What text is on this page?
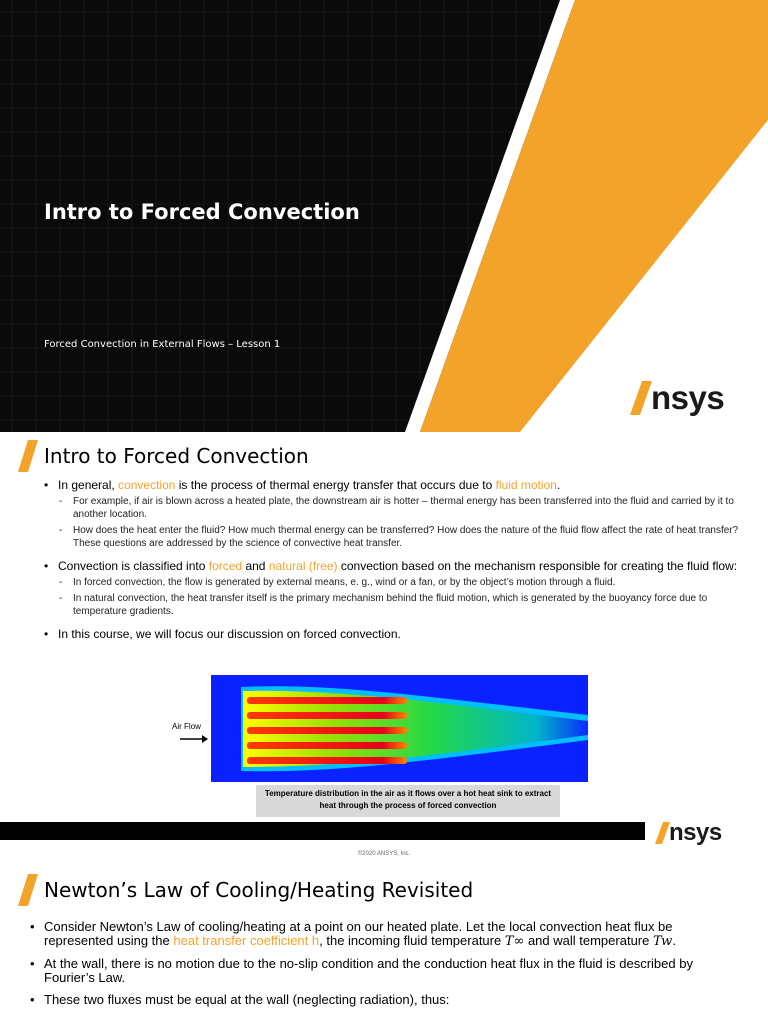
Intro to Forced Convection
Forced Convection in External Flows – Lesson 1
nsys
Intro to Forced Convection
• In general, convection is the process of thermal energy transfer that occurs due to fluid motion.
- For example, if air is blown across a heated plate, the downstream air is hotter – thermal energy has been transferred into the fluid and carried by it to another location.
- How does the heat enter the fluid? How much thermal energy can be transferred? How does the nature of the fluid flow affect the rate of heat transfer? These questions are addressed by the science of convective heat transfer.
• Convection is classified into forced and natural (free) convection based on the mechanism responsible for creating the fluid flow:
- In forced convection, the flow is generated by external means, e. g., wind or a fan, or by the object’s motion through a fluid.
- In natural convection, the heat transfer itself is the primary mechanism behind the fluid motion, which is generated by the buoyancy force due to temperature gradients.
• In this course, we will focus our discussion on forced convection.
Air Flow
Temperature distribution in the air as it flows over a hot heat sink to extract heat through the process of forced convection
nsys
©2020 ANSYS, Inc.
Newton’s Law of Cooling/Heating Revisited
• Consider Newton’s Law of cooling/heating at a point on our heated plate. Let the local convection heat flux be represented using the heat transfer coefficient h, the incoming fluid temperature T∞ and wall temperature Tw.
• At the wall, there is no motion due to the no-slip condition and the conduction heat flux in the fluid is described by Fourier’s Law.
• These two fluxes must be equal at the wall (neglecting radiation), thus:
